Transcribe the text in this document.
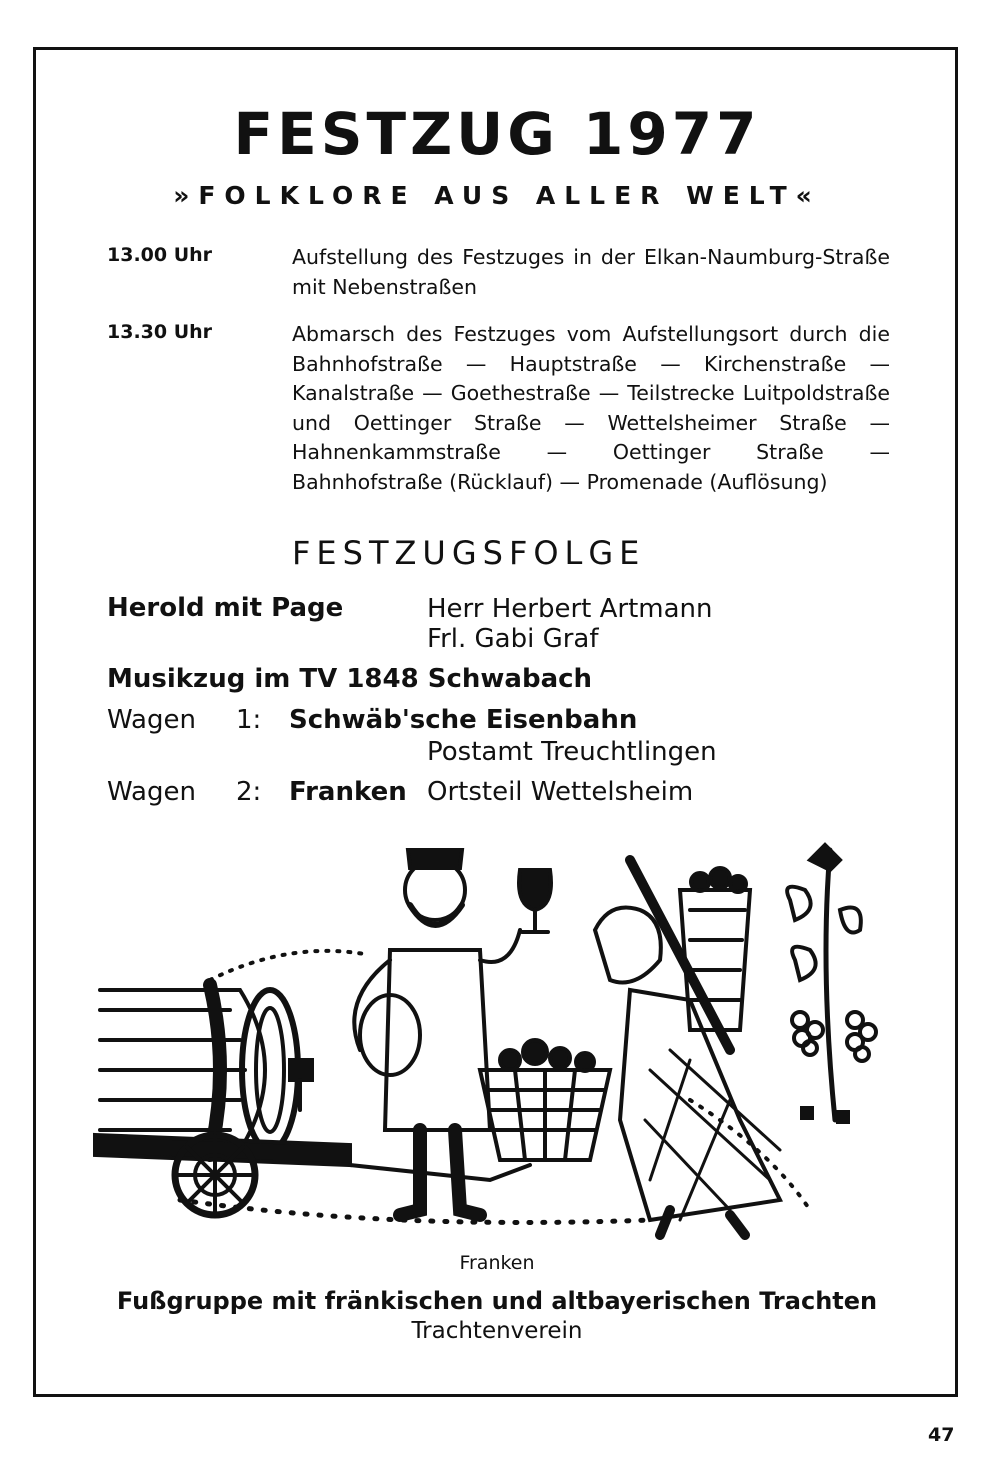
FESTZUG 1977
»FOLKLORE AUS ALLER WELT«
13.00 Uhr	Aufstellung des Festzuges in der Elkan-Naumburg-Straße mit Nebenstraßen
13.30 Uhr	Abmarsch des Festzuges vom Aufstellungsort durch die Bahnhofstraße — Hauptstraße — Kirchenstraße — Kanalstraße — Goethestraße — Teilstrecke Luitpoldstraße und Oettinger Straße — Wettelsheimer Straße — Hahnenkammstraße — Oettinger Straße — Bahnhofstraße (Rücklauf) — Promenade (Auflösung)
FESTZUGSFOLGE
Herold mit Page	Herr Herbert Artmann
Frl. Gabi Graf
Musikzug im TV 1848 Schwabach
Wagen 1: Schwäb'sche Eisenbahn
Postamt Treuchtlingen
Wagen 2: Franken Ortsteil Wettelsheim
Franken
Fußgruppe mit fränkischen und altbayerischen Trachten
Trachtenverein
47
